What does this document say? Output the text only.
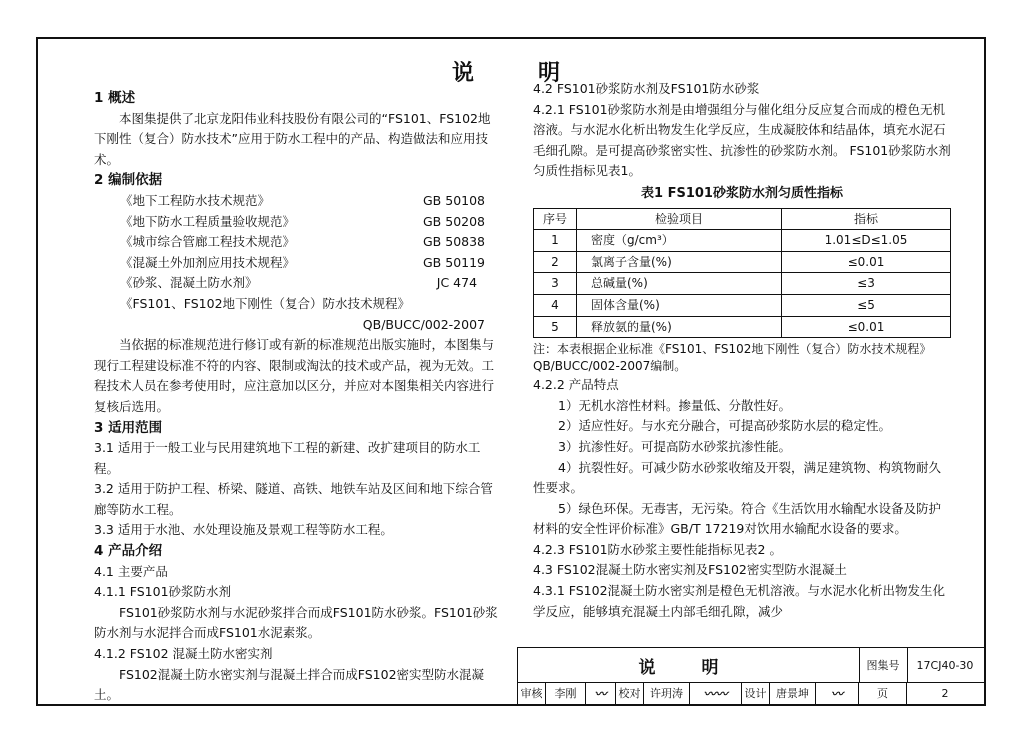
说	明
1 概述

本图集提供了北京龙阳伟业科技股份有限公司的“FS101、FS102地下刚性（复合）防水技术”应用于防水工程中的产品、构造做法和应用技术。

2 编制依据
《地下工程防水技术规范》	GB 50108
《地下防水工程质量验收规范》	GB 50208
《城市综合管廊工程技术规范》	GB 50838
《混凝土外加剂应用技术规程》	GB 50119
《砂浆、混凝土防水剂》	JC 474
《FS101、FS102地下刚性（复合）防水技术规程》
QB/BUCC/002-2007

当依据的标准规范进行修订或有新的标准规范出版实施时，本图集与现行工程建设标准不符的内容、限制或淘汰的技术或产品，视为无效。工程技术人员在参考使用时，应注意加以区分，并应对本图集相关内容进行复核后选用。

3 适用范围

3.1 适用于一般工业与民用建筑地下工程的新建、改扩建项目的防水工程。

3.2 适用于防护工程、桥梁、隧道、高铁、地铁车站及区间和地下综合管廊等防水工程。

3.3 适用于水池、水处理设施及景观工程等防水工程。

4 产品介绍

4.1 主要产品

4.1.1 FS101砂浆防水剂

FS101砂浆防水剂与水泥砂浆拌合而成FS101防水砂浆。FS101砂浆防水剂与水泥拌合而成FS101水泥素浆。

4.1.2 FS102 混凝土防水密实剂

FS102混凝土防水密实剂与混凝土拌合而成FS102密实型防水混凝土。

4.2 FS101砂浆防水剂及FS101防水砂浆

4.2.1 FS101砂浆防水剂是由增强组分与催化组分反应复合而成的橙色无机溶液。与水泥水化析出物发生化学反应，生成凝胶体和结晶体，填充水泥石毛细孔隙。是可提高砂浆密实性、抗渗性的砂浆防水剂。 FS101砂浆防水剂匀质性指标见表1。

表1 FS101砂浆防水剂匀质性指标
序号	检验项目	指标
1	密度（g/cm³）	1.01≤D≤1.05
2	氯离子含量(%)	≤0.01
3	总碱量(%)	≤3
4	固体含量(%)	≤5
5	释放氨的量(%)	≤0.01
注：本表根据企业标准《FS101、FS102地下刚性（复合）防水技术规程》QB/BUCC/002-2007编制。

4.2.2 产品特点

1）无机水溶性材料。掺量低、分散性好。

2）适应性好。与水充分融合，可提高砂浆防水层的稳定性。

3）抗渗性好。可提高防水砂浆抗渗性能。

4）抗裂性好。可减少防水砂浆收缩及开裂，满足建筑物、构筑物耐久性要求。

5）绿色环保。无毒害，无污染。符合《生活饮用水输配水设备及防护材料的安全性评价标准》GB/T 17219对饮用水输配水设备的要求。

4.2.3 FS101防水砂浆主要性能指标见表2 。

4.3 FS102混凝土防水密实剂及FS102密实型防水混凝土

4.3.1 FS102混凝土防水密实剂是橙色无机溶液。与水泥水化析出物发生化学反应，能够填充混凝土内部毛细孔隙，减少

说 明	图集号	17CJ40-30
审核	李刚	〰	校对 许玥涛	〰〰	设计 唐景坤	〰	页	2
